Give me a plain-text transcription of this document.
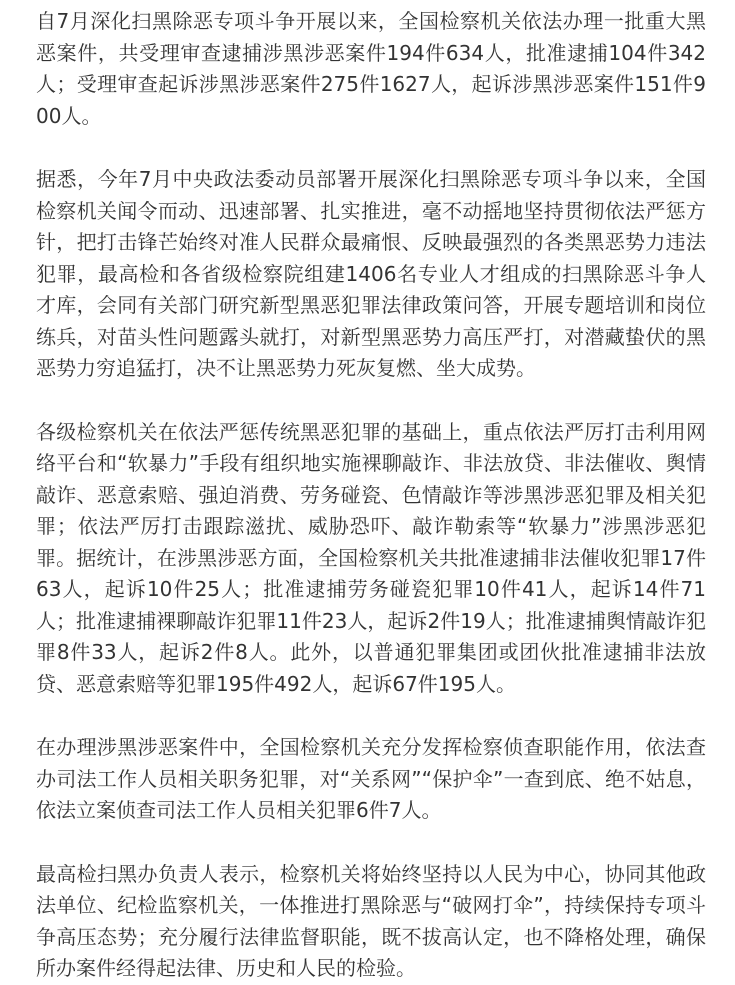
自7月深化扫黑除恶专项斗争开展以来，全国检察机关依法办理一批重大黑恶案件，共受理审查逮捕涉黑涉恶案件194件634人，批准逮捕104件342人；受理审查起诉涉黑涉恶案件275件1627人，起诉涉黑涉恶案件151件900人。

据悉，今年7月中央政法委动员部署开展深化扫黑除恶专项斗争以来，全国检察机关闻令而动、迅速部署、扎实推进，毫不动摇地坚持贯彻依法严惩方针，把打击锋芒始终对准人民群众最痛恨、反映最强烈的各类黑恶势力违法犯罪，最高检和各省级检察院组建1406名专业人才组成的扫黑除恶斗争人才库，会同有关部门研究新型黑恶犯罪法律政策问答，开展专题培训和岗位练兵，对苗头性问题露头就打，对新型黑恶势力高压严打，对潜藏蛰伏的黑恶势力穷追猛打，决不让黑恶势力死灰复燃、坐大成势。

各级检察机关在依法严惩传统黑恶犯罪的基础上，重点依法严厉打击利用网络平台和“软暴力”手段有组织地实施裸聊敲诈、非法放贷、非法催收、舆情敲诈、恶意索赔、强迫消费、劳务碰瓷、色情敲诈等涉黑涉恶犯罪及相关犯罪；依法严厉打击跟踪滋扰、威胁恐吓、敲诈勒索等“软暴力”涉黑涉恶犯罪。据统计，在涉黑涉恶方面，全国检察机关共批准逮捕非法催收犯罪17件63人，起诉10件25人；批准逮捕劳务碰瓷犯罪10件41人，起诉14件71人；批准逮捕裸聊敲诈犯罪11件23人，起诉2件19人；批准逮捕舆情敲诈犯罪8件33人，起诉2件8人。此外，以普通犯罪集团或团伙批准逮捕非法放贷、恶意索赔等犯罪195件492人，起诉67件195人。

在办理涉黑涉恶案件中，全国检察机关充分发挥检察侦查职能作用，依法查办司法工作人员相关职务犯罪，对“关系网”“保护伞”一查到底、绝不姑息，依法立案侦查司法工作人员相关犯罪6件7人。

最高检扫黑办负责人表示，检察机关将始终坚持以人民为中心，协同其他政法单位、纪检监察机关，一体推进打黑除恶与“破网打伞”，持续保持专项斗争高压态势；充分履行法律监督职能，既不拔高认定，也不降格处理，确保所办案件经得起法律、历史和人民的检验。
